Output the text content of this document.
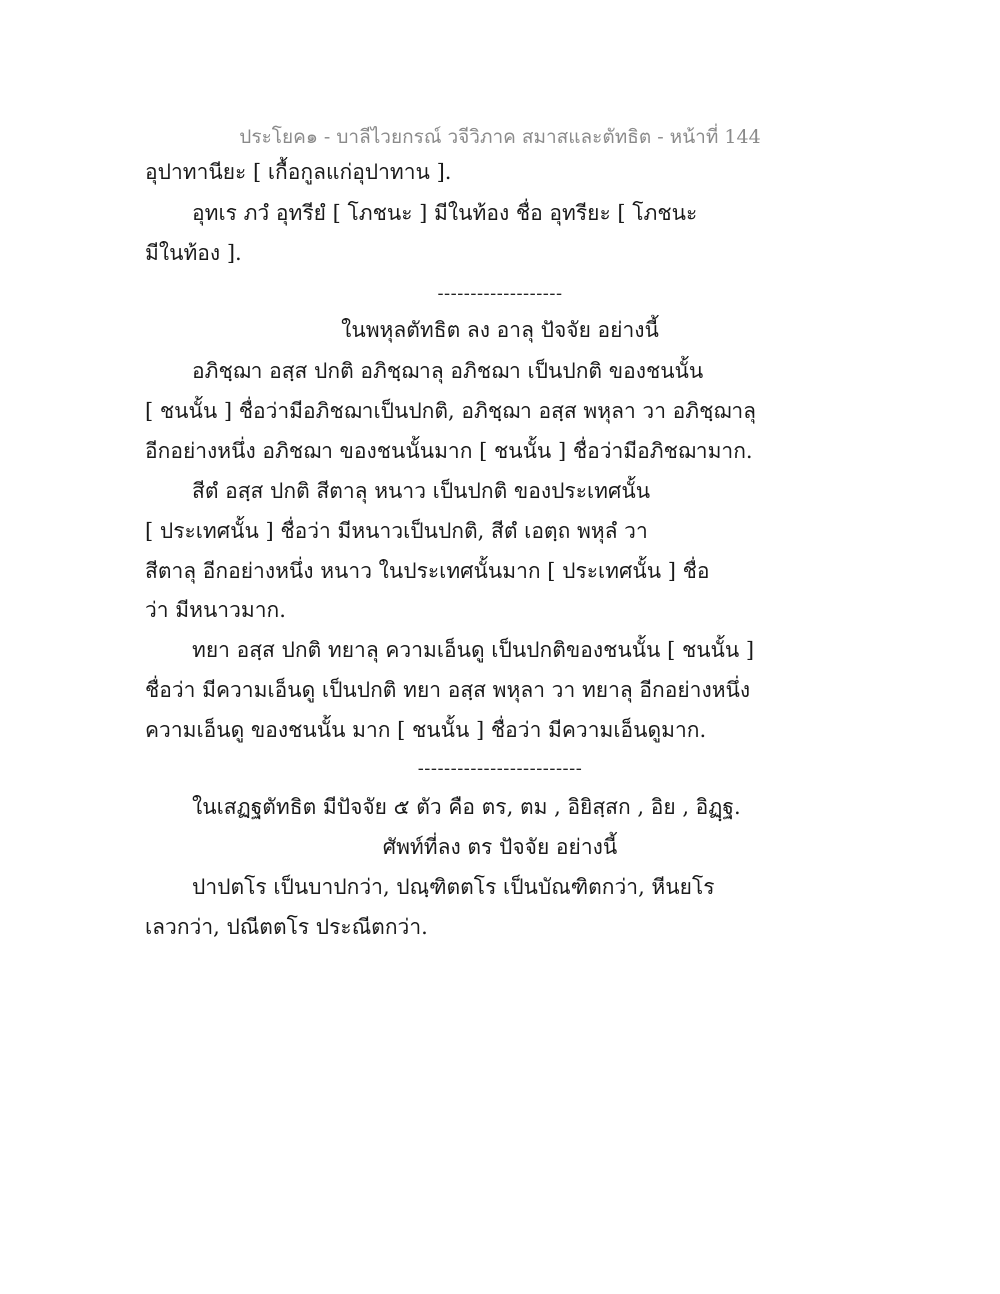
ประโยค๑ - บาลีไวยกรณ์ วจีวิภาค สมาสและตัทธิต - หน้าที่ 144
อุปาทานียะ [ เกื้อกูลแก่อุปาทาน ].
อุทเร ภวํ อุทรียํ [ โภชนะ ] มีในท้อง ชื่อ อุทรียะ [ โภชนะ
มีในท้อง ].
-------------------
ในพหุลตัทธิต ลง อาลุ ปัจจัย อย่างนี้
อภิชฺฌา อสฺส ปกติ อภิชฺฌาลุ อภิชฌา เป็นปกติ ของชนนั้น
[ ชนนั้น ] ชื่อว่ามีอภิชฌาเป็นปกติ, อภิชฺฌา อสฺส พหุลา วา อภิชฺฌาลุ
อีกอย่างหนึ่ง อภิชฌา ของชนนั้นมาก [ ชนนั้น ] ชื่อว่ามีอภิชฌามาก.
สีตํ อสฺส ปกติ สีตาลุ หนาว เป็นปกติ ของประเทศนั้น
[ ประเทศนั้น ] ชื่อว่า มีหนาวเป็นปกติ, สีตํ เอตฺถ พหุลํ วา
สีตาลุ อีกอย่างหนึ่ง หนาว ในประเทศนั้นมาก [ ประเทศนั้น ] ชื่อ
ว่า มีหนาวมาก.
ทยา อสฺส ปกติ ทยาลุ ความเอ็นดู เป็นปกติของชนนั้น [ ชนนั้น ]
ชื่อว่า มีความเอ็นดู เป็นปกติ ทยา อสฺส พหุลา วา ทยาลุ อีกอย่างหนึ่ง
ความเอ็นดู ของชนนั้น มาก [ ชนนั้น ] ชื่อว่า มีความเอ็นดูมาก.
-------------------------
ในเสฏฐตัทธิต มีปัจจัย ๕ ตัว คือ ตร, ตม , อิยิสฺสก , อิย , อิฏฺฐ.
ศัพท์ที่ลง ตร ปัจจัย อย่างนี้
ปาปตโร เป็นบาปกว่า, ปณฺฑิตตโร เป็นบัณฑิตกว่า, หีนยโร
เลวกว่า, ปณีตตโร ประณีตกว่า.
